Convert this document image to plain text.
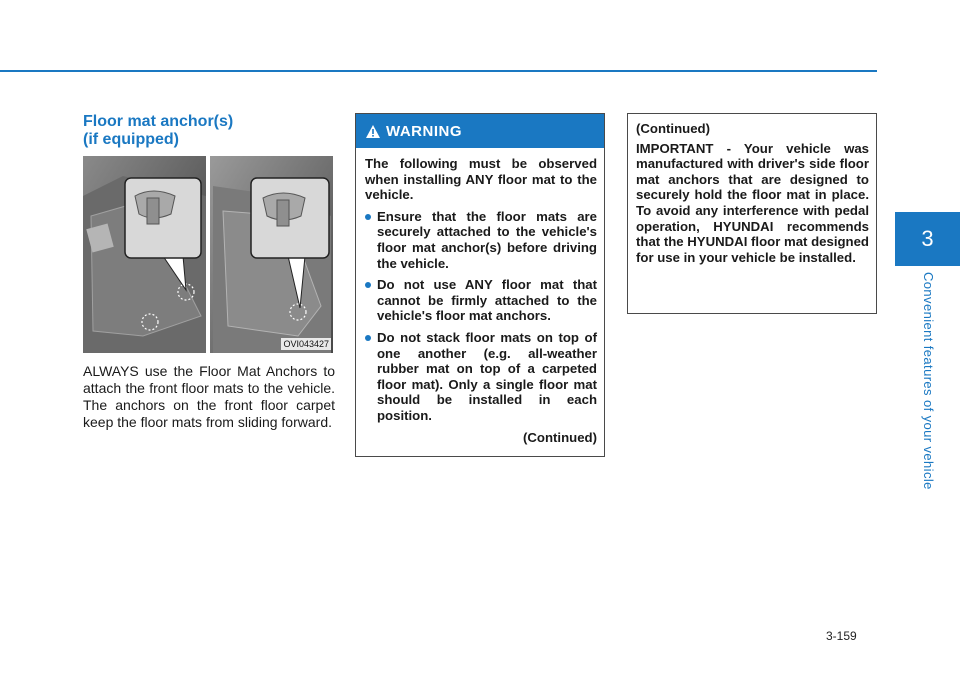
3
Convenient features of your vehicle
Floor mat anchor(s)
(if equipped)
OVI043427
ALWAYS use the Floor Mat Anchors to attach the front floor mats to the vehicle. The anchors on the front floor carpet keep the floor mats from sliding forward.
WARNING

The following must be observed when installing ANY floor mat to the vehicle.

Ensure that the floor mats are securely attached to the vehicle's floor mat anchor(s) before driving the vehicle.
Do not use ANY floor mat that cannot be firmly attached to the vehicle's floor mat anchors.
Do not stack floor mats on top of one another (e.g. all-weather rubber mat on top of a carpeted floor mat). Only a single floor mat should be installed in each position.
(Continued)

(Continued)

IMPORTANT - Your vehicle was manufactured with driver's side floor mat anchors that are designed to securely hold the floor mat in place. To avoid any interference with pedal operation, HYUNDAI recommends that the HYUNDAI floor mat designed for use in your vehicle be installed.

3-159
